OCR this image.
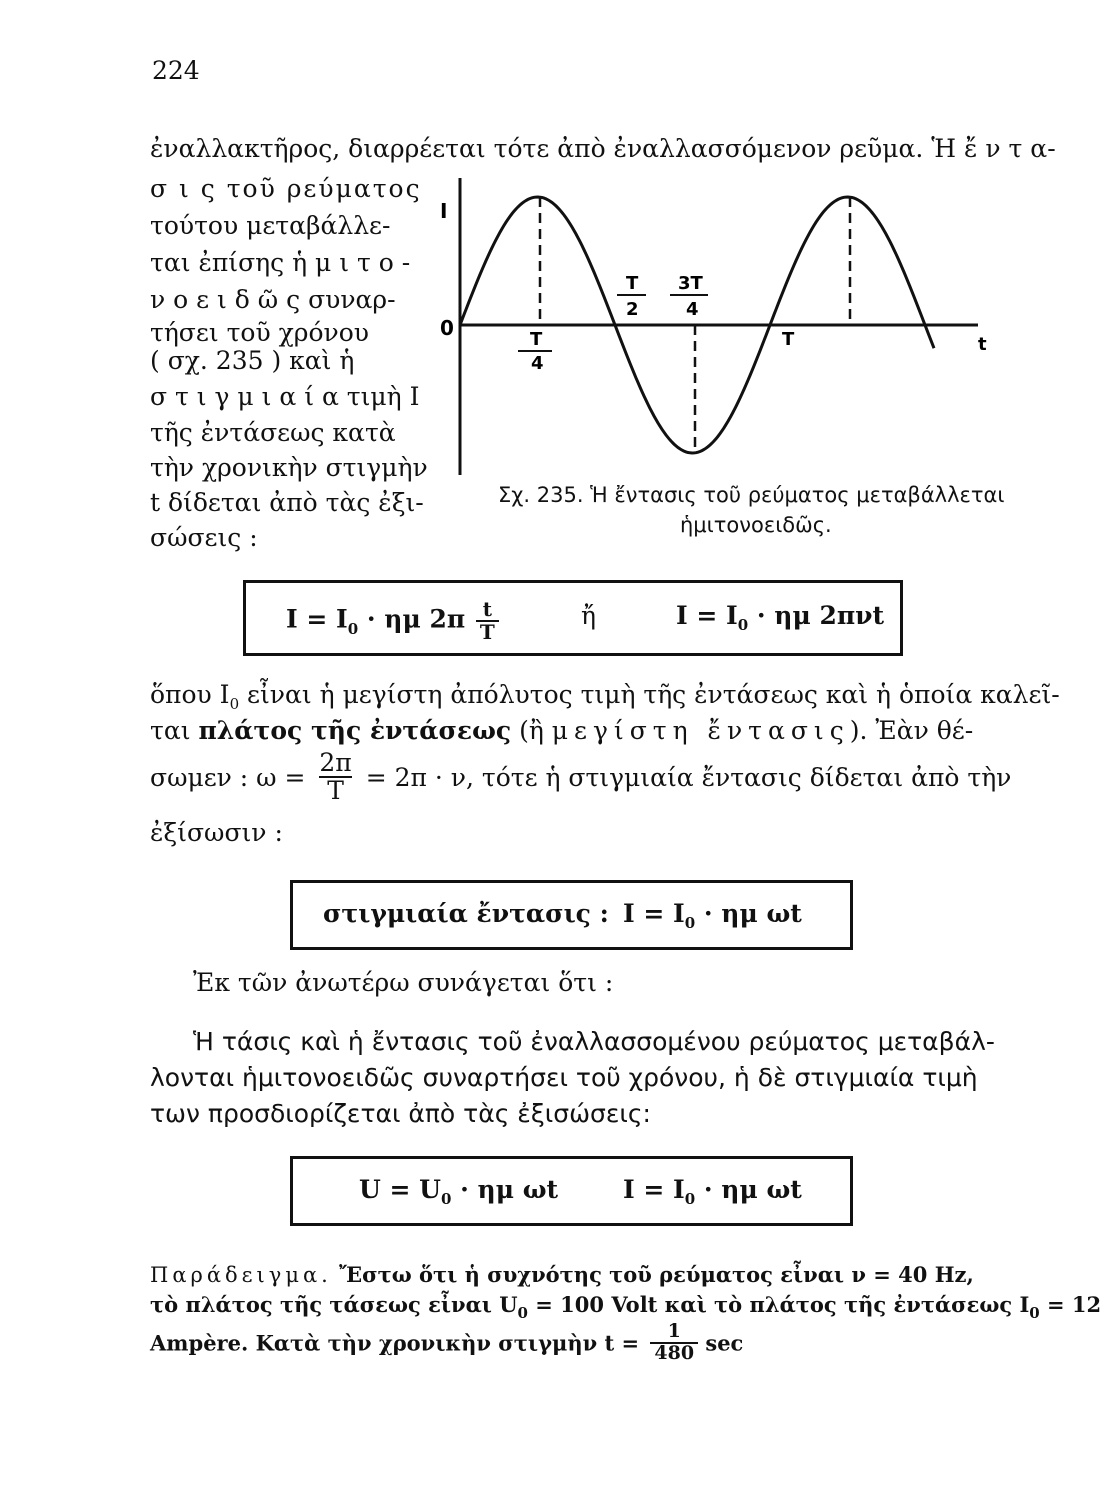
224
ἐναλλακτῆρος, διαρρέεται τότε ἀπὸ ἐναλλασσόμενον ρεῦμα. Ἡ ἔ ν τ α-
σ ι ς τοῦ ρεύματος
τούτου μεταβάλλε-
ται ἐπίσης ἡ μ ι τ ο -
ν ο ε ι δ ῶ ς συναρ-
τήσει τοῦ χρόνου
( σχ. 235 ) καὶ ἡ
σ τ ι γ μ ι α ί α τιμὴ I
τῆς ἐντάσεως κατὰ
τὴν χρονικὴν στιγμὴν
t δίδεται ἀπὸ τὰς ἐξι-
σώσεις :
I
0
t
T
4
T
2
3T
4
T
Σχ. 235. Ἡ ἔντασις τοῦ ρεύματος μεταβάλλεται
ἡμιτονοειδῶς.
$I = I_0 \cdot \eta\mu$ $2\pi \frac{t}{T}$	ἤ	$I = I_0 \cdot \eta\mu$ 2πνt
ὅπου $I_0$ εἶναι ἡ μεγίστη ἀπόλυτος τιμὴ τῆς ἐντάσεως καὶ ἡ ὁποία καλεῖ-
ται πλάτος τῆς ἐντάσεως (ἢ μεγίστη ἔντασις). Ἐὰν θέ-
σωμεν : $\omega = \frac{2\pi}{T} = 2\pi \cdot \nu$, τότε ἡ στιγμιαία ἔντασις δίδεται ἀπὸ τὴν
ἐξίσωσιν :
στιγμιαία ἔντασις : $I = I_0 \cdot \eta\mu$ ωt
Ἐκ τῶν ἀνωτέρω συνάγεται ὅτι :
Ἡ τάσις καὶ ἡ ἔντασις τοῦ ἐναλλασσομένου ρεύματος μεταβάλ-
λονται ἡμιτονοειδῶς συναρτήσει τοῦ χρόνου, ἡ δὲ στιγμιαία τιμὴ
των προσδιορίζεται ἀπὸ τὰς ἐξισώσεις:
$U = U_0 \cdot \eta\mu$ ωt	$I = I_0 \cdot \eta\mu$ ωt
Παράδειγμα. Ἔστω ὅτι ἡ συχνότης τοῦ ρεύματος εἶναι ν = 40 Hz,
τὸ πλάτος τῆς τάσεως εἶναι $U_0 = 100$ Volt καὶ τὸ πλάτος τῆς ἐντάσεως $I_0 = 12$
Ampère. Κατὰ τὴν χρονικὴν στιγμὴν $t = \frac{1}{480}$ sec
